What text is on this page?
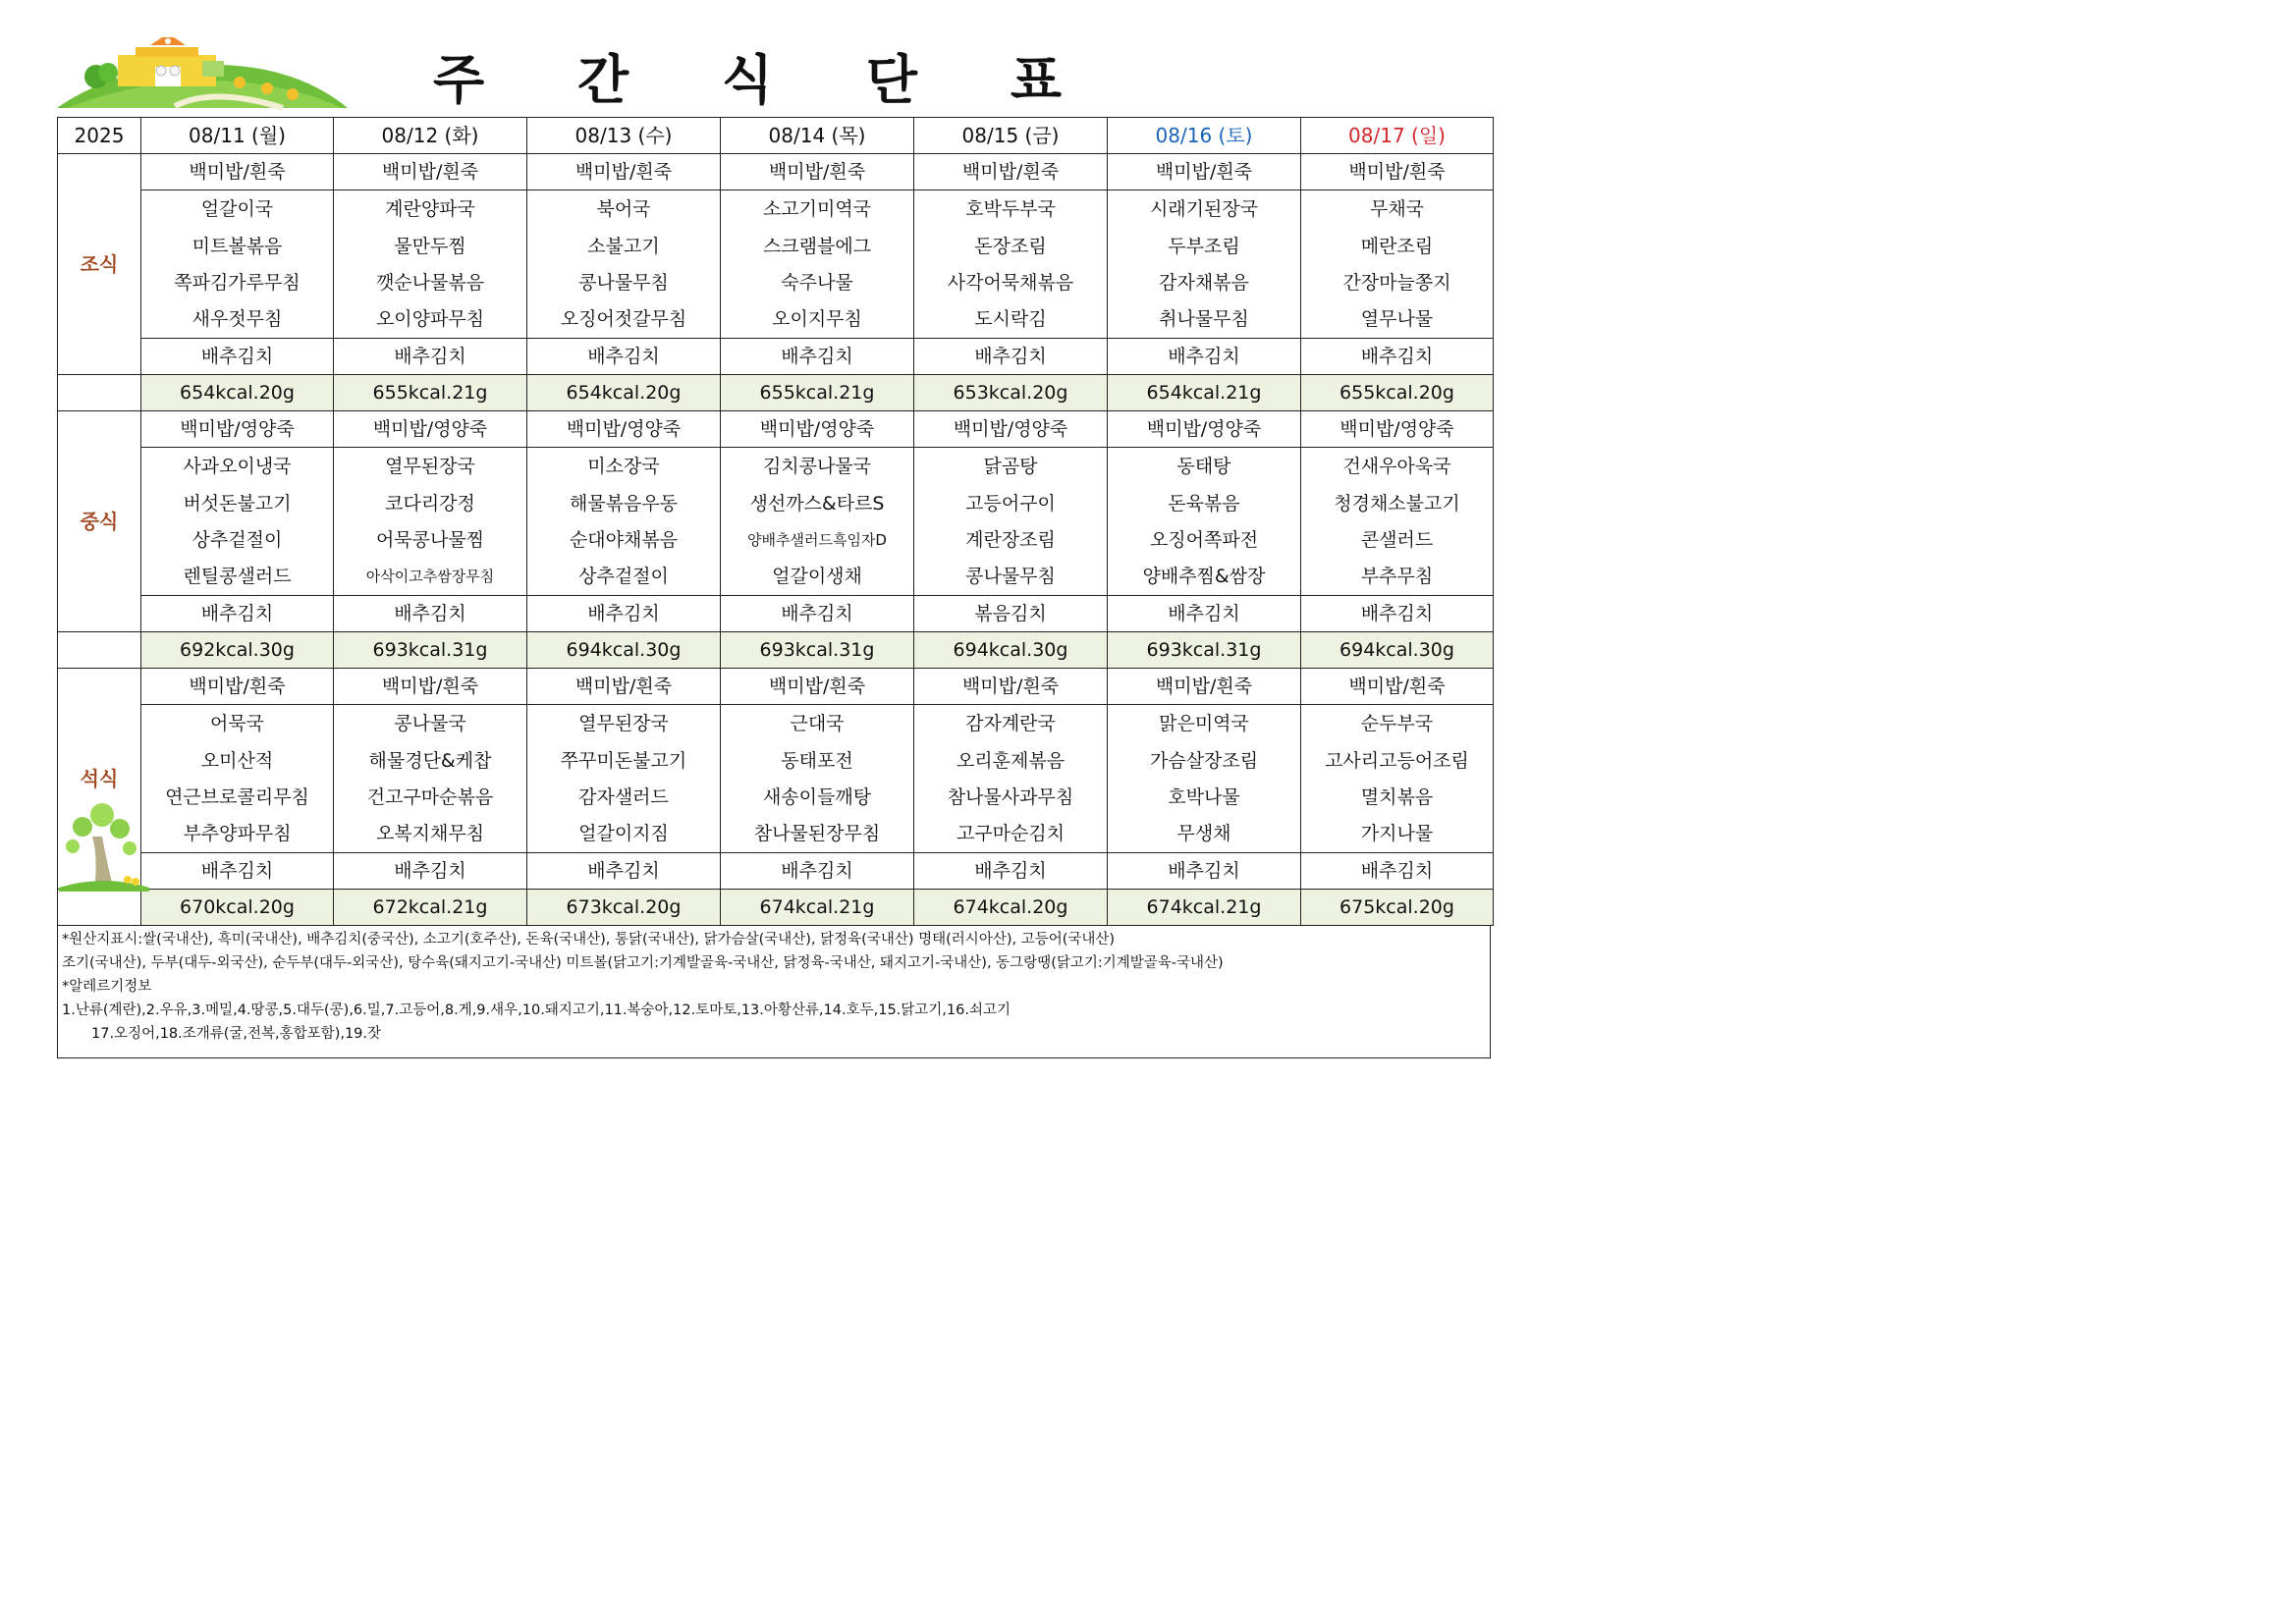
주 간 식 단 표
2025	08/11 (월)	08/12 (화)	08/13 (수)	08/14 (목)	08/15 (금)	08/16 (토)	08/17 (일)
조식	백미밥/흰죽	백미밥/흰죽	백미밥/흰죽	백미밥/흰죽	백미밥/흰죽	백미밥/흰죽	백미밥/흰죽
	얼갈이국	계란양파국	북어국	소고기미역국	호박두부국	시래기된장국	무채국
	미트볼볶음	물만두찜	소불고기	스크램블에그	돈장조림	두부조림	메란조림
	쪽파김가루무침	깻순나물볶음	콩나물무침	숙주나물	사각어묵채볶음	감자채볶음	간장마늘쫑지
	새우젓무침	오이양파무침	오징어젓갈무침	오이지무침	도시락김	취나물무침	열무나물
	배추김치	배추김치	배추김치	배추김치	배추김치	배추김치	배추김치
	654kcal.20g	655kcal.21g	654kcal.20g	655kcal.21g	653kcal.20g	654kcal.21g	655kcal.20g
중식	백미밥/영양죽	백미밥/영양죽	백미밥/영양죽	백미밥/영양죽	백미밥/영양죽	백미밥/영양죽	백미밥/영양죽
	사과오이냉국	열무된장국	미소장국	김치콩나물국	닭곰탕	동태탕	건새우아욱국
	버섯돈불고기	코다리강정	해물볶음우동	생선까스&타르S	고등어구이	돈육볶음	청경채소불고기
	상추겉절이	어묵콩나물찜	순대야채볶음	양배추샐러드흑임자D	계란장조림	오징어쪽파전	콘샐러드
	렌틸콩샐러드	아삭이고추쌈장무침	상추겉절이	얼갈이생채	콩나물무침	양배추찜&쌈장	부추무침
	배추김치	배추김치	배추김치	배추김치	볶음김치	배추김치	배추김치
	692kcal.30g	693kcal.31g	694kcal.30g	693kcal.31g	694kcal.30g	693kcal.31g	694kcal.30g
석식	백미밥/흰죽	백미밥/흰죽	백미밥/흰죽	백미밥/흰죽	백미밥/흰죽	백미밥/흰죽	백미밥/흰죽
	어묵국	콩나물국	열무된장국	근대국	감자계란국	맑은미역국	순두부국
	오미산적	해물경단&케찹	쭈꾸미돈불고기	동태포전	오리훈제볶음	가슴살장조림	고사리고등어조림
	연근브로콜리무침	건고구마순볶음	감자샐러드	새송이들깨탕	참나물사과무침	호박나물	멸치볶음
	부추양파무침	오복지채무침	얼갈이지짐	참나물된장무침	고구마순김치	무생채	가지나물
	배추김치	배추김치	배추김치	배추김치	배추김치	배추김치	배추김치
	670kcal.20g	672kcal.21g	673kcal.20g	674kcal.21g	674kcal.20g	674kcal.21g	675kcal.20g
*원산지표시:쌀(국내산), 흑미(국내산), 배추김치(중국산), 소고기(호주산), 돈육(국내산), 통닭(국내산), 닭가슴살(국내산), 닭정육(국내산) 명태(러시아산), 고등어(국내산)
조기(국내산), 두부(대두-외국산), 순두부(대두-외국산), 탕수육(돼지고기-국내산) 미트볼(닭고기:기계발골육-국내산, 닭정육-국내산, 돼지고기-국내산), 동그랑땡(닭고기:기계발골육-국내산)
*알레르기정보
1.난류(계란),2.우유,3.메밀,4.땅콩,5.대두(콩),6.밀,7.고등어,8.게,9.새우,10.돼지고기,11.복숭아,12.토마토,13.아황산류,14.호두,15.닭고기,16.쇠고기
17.오징어,18.조개류(굴,전복,홍합포함),19.잣
